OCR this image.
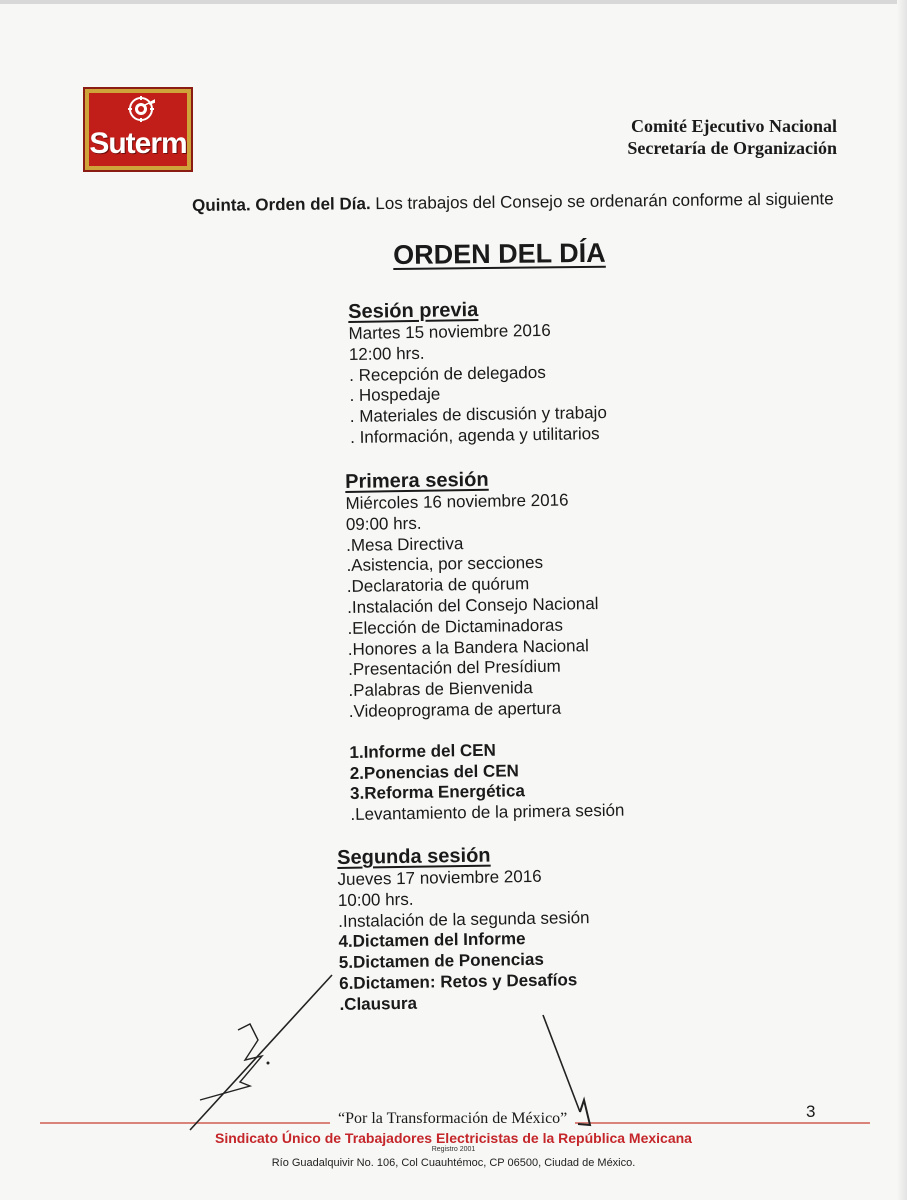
Suterm
Comité Ejecutivo Nacional
Secretaría de Organización
Quinta. Orden del Día. Los trabajos del Consejo se ordenarán conforme al siguiente
ORDEN DEL DÍA
Sesión previa
Martes 15 noviembre 2016
12:00 hrs.
. Recepción de delegados
. Hospedaje
. Materiales de discusión y trabajo
. Información, agenda y utilitarios
Primera sesión
Miércoles 16 noviembre 2016
09:00 hrs.
.Mesa Directiva
.Asistencia, por secciones
.Declaratoria de quórum
.Instalación del Consejo Nacional
.Elección de Dictaminadoras
.Honores a la Bandera Nacional
.Presentación del Presídium
.Palabras de Bienvenida
.Videoprograma de apertura
1.Informe del CEN
2.Ponencias del CEN
3.Reforma Energética
.Levantamiento de la primera sesión
Segunda sesión
Jueves 17 noviembre 2016
10:00 hrs.
.Instalación de la segunda sesión
4.Dictamen del Informe
5.Dictamen de Ponencias
6.Dictamen: Retos y Desafíos
.Clausura
“Por la Transformación de México”	3
Sindicato Único de Trabajadores Electricistas de la República Mexicana
Registro 2001
Río Guadalquivir No. 106, Col Cuauhtémoc, CP 06500, Ciudad de México.
